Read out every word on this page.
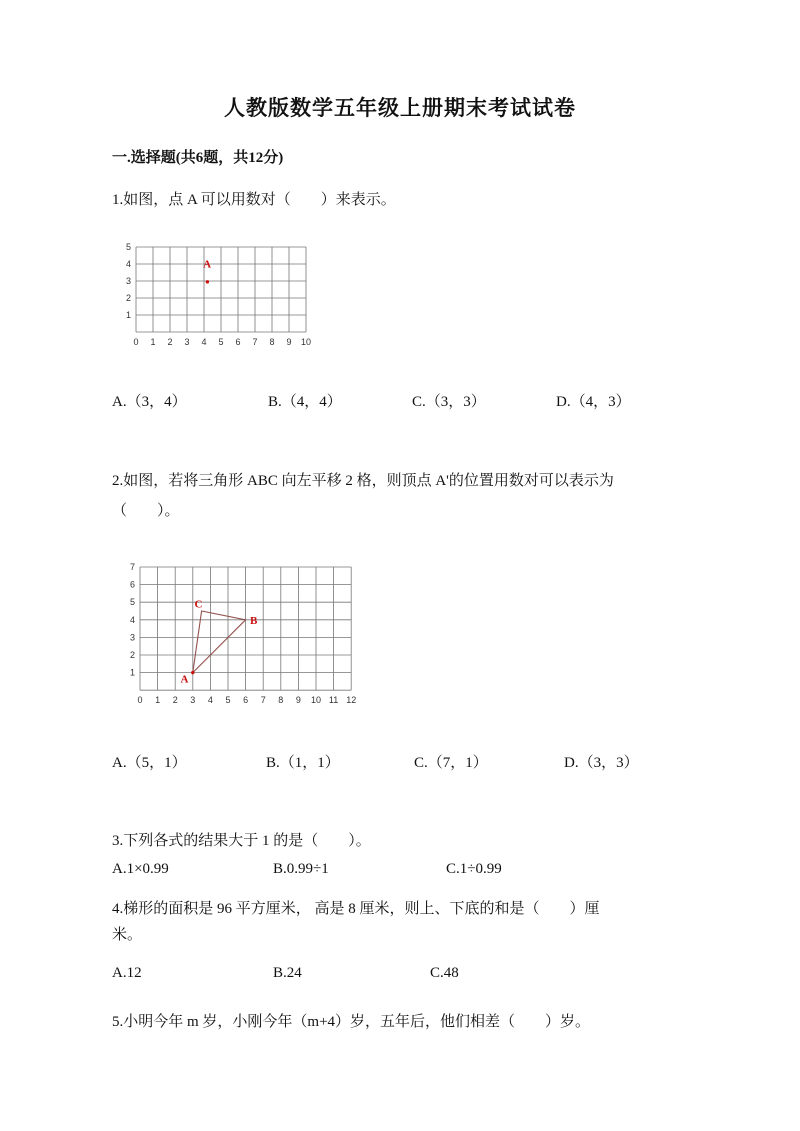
人教版数学五年级上册期末考试试卷
一.选择题(共6题，共12分)
1.如图，点 A 可以用数对（　　）来表示。
0 1 2 3 4 5 6 7 8 9 10
1
2
3
4
5
A
A.（3，4）	B.（4，4）	C.（3，3）	D.（4，3）
2.如图，若将三角形 ABC 向左平移 2 格，则顶点 A'的位置用数对可以表示为
（　　）。
0 1 2 3 4 5 6 7 8 9 10 11 12
1
2
3
4
5
6
7
A
B
C
A.（5，1）	B.（1，1）	C.（7，1）	D.（3，3）
3.下列各式的结果大于 1 的是（　　）。
A.1×0.99	B.0.99÷1	C.1÷0.99
4.梯形的面积是 96 平方厘米， 高是 8 厘米，则上、下底的和是（　　）厘
米。
A.12	B.24	C.48
5.小明今年 m 岁，小刚今年（m+4）岁，五年后，他们相差（　　）岁。
